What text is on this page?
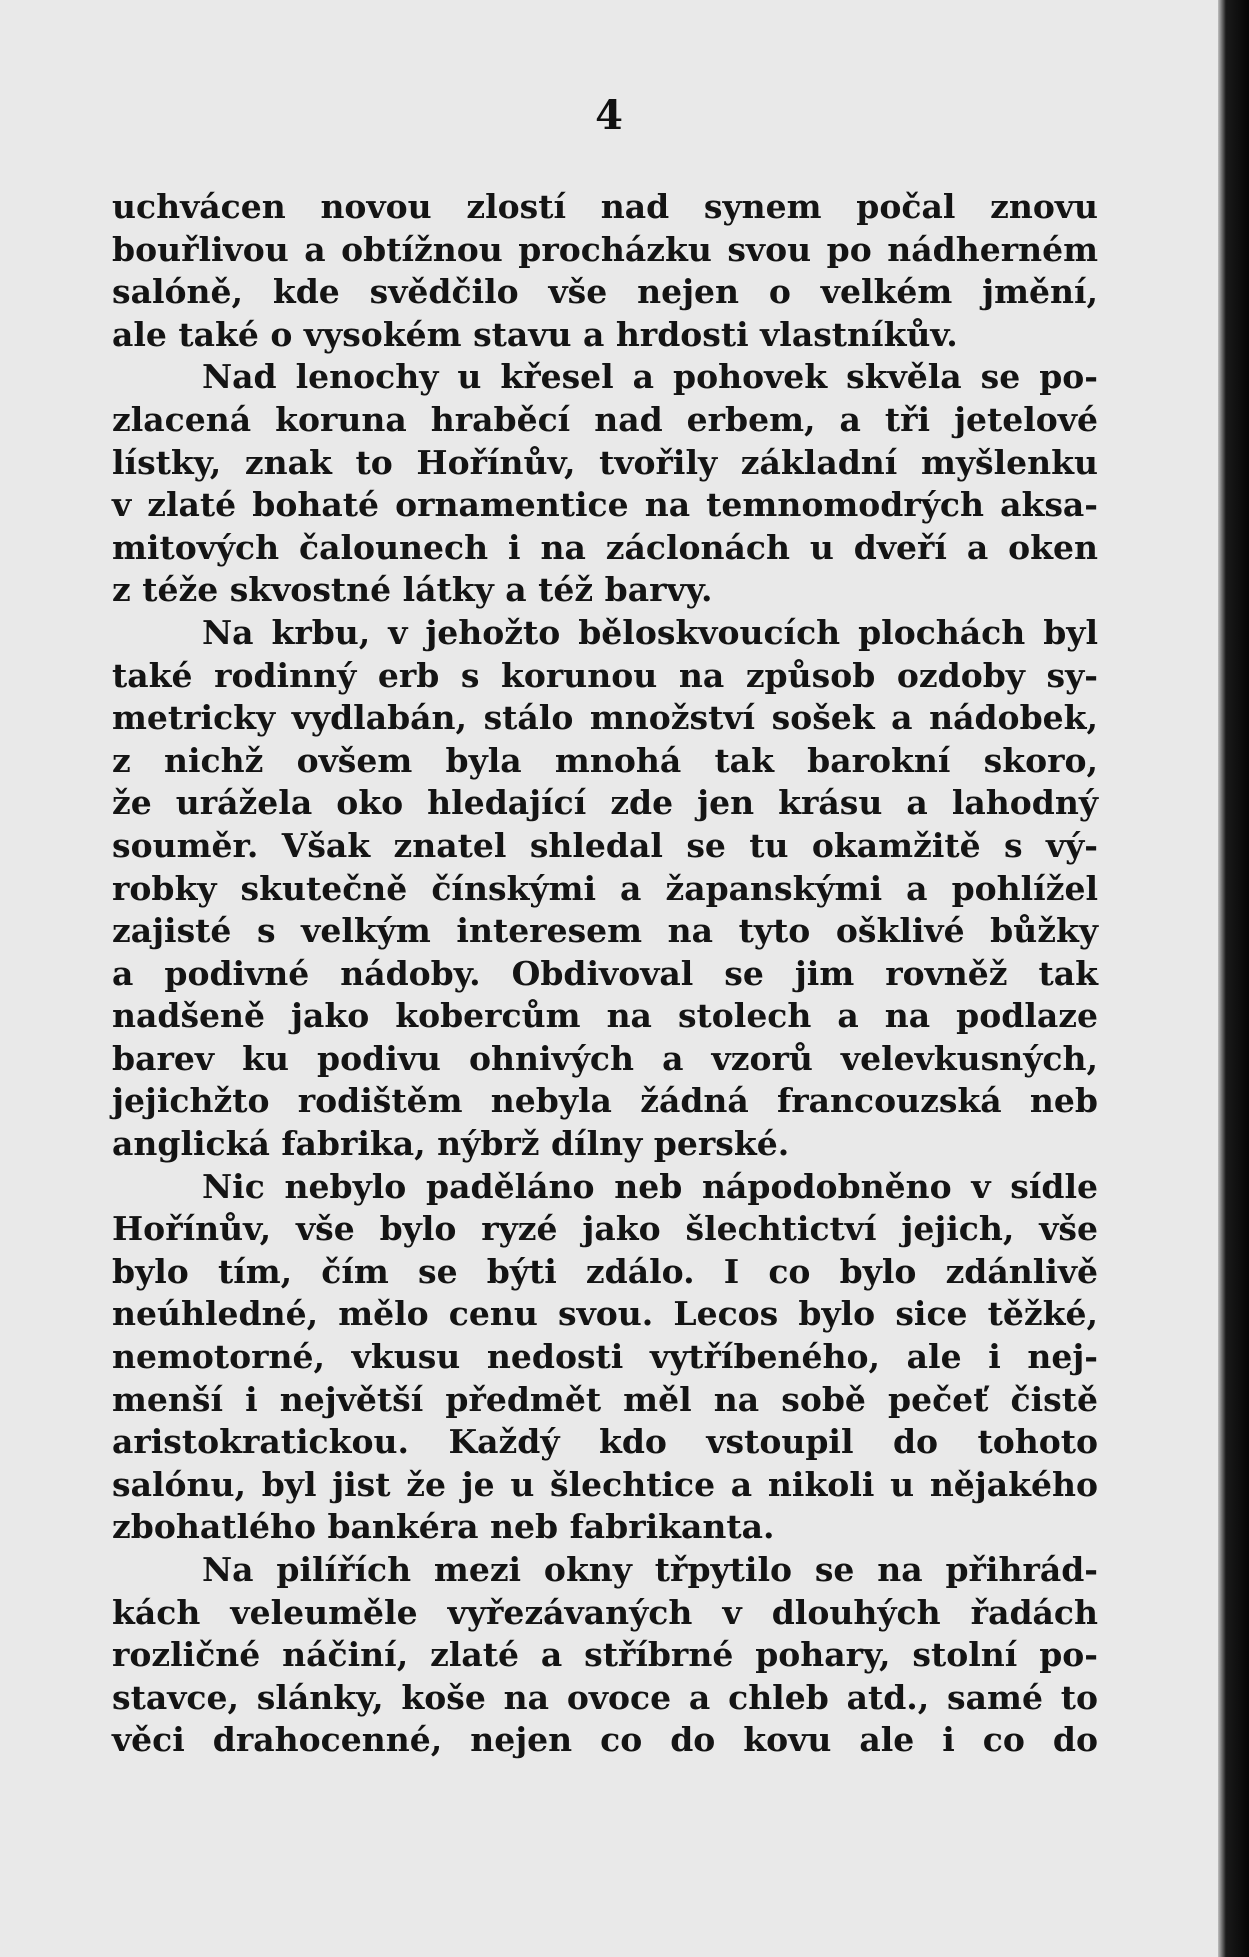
4
uchvácen novou zlostí nad synem počal znovu
bouřlivou a obtížnou procházku svou po nádherném
salóně, kde svědčilo vše nejen o velkém jmění,
ale také o vysokém stavu a hrdosti vlastníkův.
Nad lenochy u křesel a pohovek skvěla se po-
zlacená koruna hraběcí nad erbem, a tři jetelové
lístky, znak to Hořínův, tvořily základní myšlenku
v zlaté bohaté ornamentice na temnomodrých aksa-
mitových čalounech i na záclonách u dveří a oken
z téže skvostné látky a též barvy.
Na krbu, v jehožto běloskvoucích plochách byl
také rodinný erb s korunou na způsob ozdoby sy-
metricky vydlabán, stálo množství sošek a nádobek,
z nichž ovšem byla mnohá tak barokní skoro,
že urážela oko hledající zde jen krásu a lahodný
souměr. Však znatel shledal se tu okamžitě s vý-
robky skutečně čínskými a žapanskými a pohlížel
zajisté s velkým interesem na tyto ošklivé bůžky
a podivné nádoby. Obdivoval se jim rovněž tak
nadšeně jako kobercům na stolech a na podlaze
barev ku podivu ohnivých a vzorů velevkusných,
jejichžto rodištěm nebyla žádná francouzská neb
anglická fabrika, nýbrž dílny perské.
Nic nebylo paděláno neb nápodobněno v sídle
Hořínův, vše bylo ryzé jako šlechtictví jejich, vše
bylo tím, čím se býti zdálo. I co bylo zdánlivě
neúhledné, mělo cenu svou. Lecos bylo sice těžké,
nemotorné, vkusu nedosti vytříbeného, ale i nej-
menší i největší předmět měl na sobě pečeť čistě
aristokratickou. Každý kdo vstoupil do tohoto
salónu, byl jist že je u šlechtice a nikoli u nějakého
zbohatlého bankéra neb fabrikanta.
Na pilířích mezi okny třpytilo se na přihrád-
kách veleuměle vyřezávaných v dlouhých řadách
rozličné náčiní, zlaté a stříbrné pohary, stolní po-
stavce, slánky, koše na ovoce a chleb atd., samé to
věci drahocenné, nejen co do kovu ale i co do
